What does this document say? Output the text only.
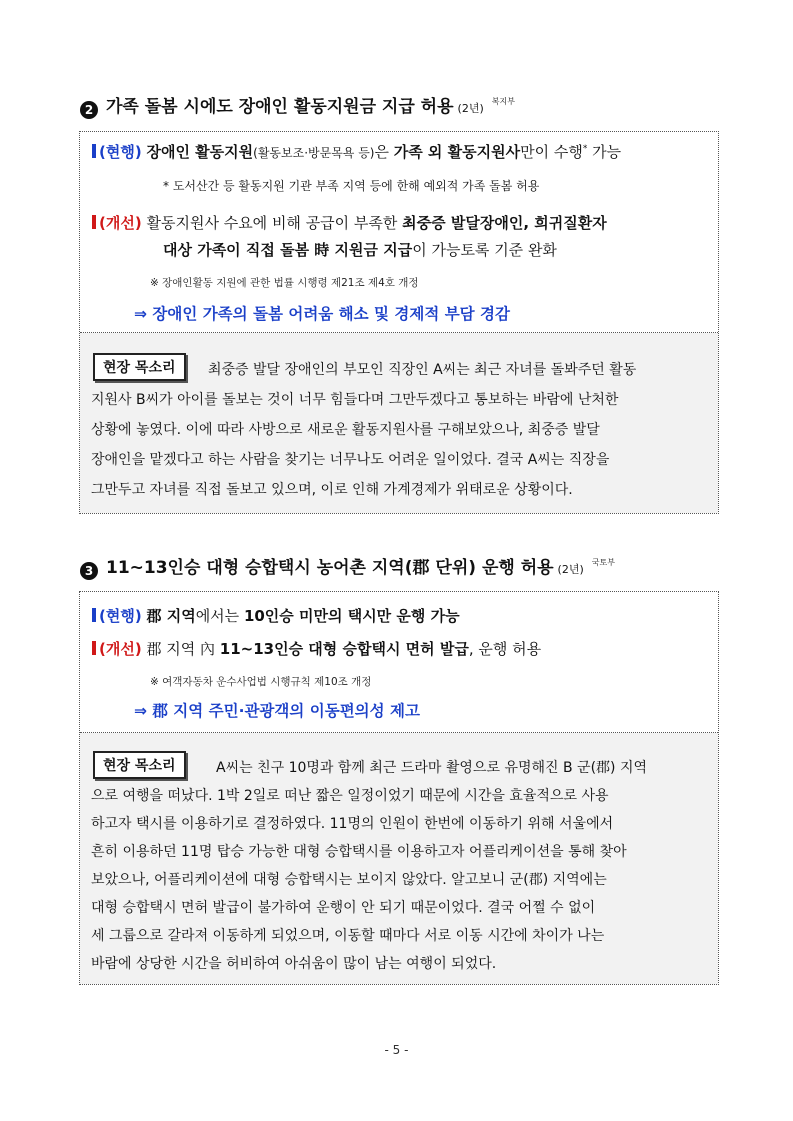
2 가족 돌봄 시에도 장애인 활동지원금 지급 허용 (2년)
복지부
(현행) 장애인 활동지원(활동보조·방문목욕 등)은 가족 외 활동지원사만이 수행* 가능
* 도서산간 등 활동지원 기관 부족 지역 등에 한해 예외적 가족 돌봄 허용
(개선) 활동지원사 수요에 비해 공급이 부족한 최중증 발달장애인, 희귀질환자
대상 가족이 직접 돌봄 時 지원금 지급이 가능토록 기준 완화
※ 장애인활동 지원에 관한 법률 시행령 제21조 제4호 개정
⇒ 장애인 가족의 돌봄 어려움 해소 및 경제적 부담 경감
현장 목소리	최중증 발달 장애인의 부모인 직장인 A씨는 최근 자녀를 돌봐주던 활동
지원사 B씨가 아이를 돌보는 것이 너무 힘들다며 그만두겠다고 통보하는 바람에 난처한
상황에 놓였다. 이에 따라 사방으로 새로운 활동지원사를 구해보았으나, 최중증 발달
장애인을 맡겠다고 하는 사람을 찾기는 너무나도 어려운 일이었다. 결국 A씨는 직장을
그만두고 자녀를 직접 돌보고 있으며, 이로 인해 가계경제가 위태로운 상황이다.
3 11~13인승 대형 승합택시 농어촌 지역(郡 단위) 운행 허용 (2년)
국토부
(현행) 郡 지역에서는 10인승 미만의 택시만 운행 가능
(개선) 郡 지역 內 11~13인승 대형 승합택시 면허 발급, 운행 허용
※ 여객자동차 운수사업법 시행규칙 제10조 개정
⇒ 郡 지역 주민·관광객의 이동편의성 제고
현장 목소리	A씨는 친구 10명과 함께 최근 드라마 촬영으로 유명해진 B 군(郡) 지역
으로 여행을 떠났다. 1박 2일로 떠난 짧은 일정이었기 때문에 시간을 효율적으로 사용
하고자 택시를 이용하기로 결정하였다. 11명의 인원이 한번에 이동하기 위해 서울에서
흔히 이용하던 11명 탑승 가능한 대형 승합택시를 이용하고자 어플리케이션을 통해 찾아
보았으나, 어플리케이션에 대형 승합택시는 보이지 않았다. 알고보니 군(郡) 지역에는
대형 승합택시 면허 발급이 불가하여 운행이 안 되기 때문이었다. 결국 어쩔 수 없이
세 그룹으로 갈라져 이동하게 되었으며, 이동할 때마다 서로 이동 시간에 차이가 나는
바람에 상당한 시간을 허비하여 아쉬움이 많이 남는 여행이 되었다.
- 5 -
